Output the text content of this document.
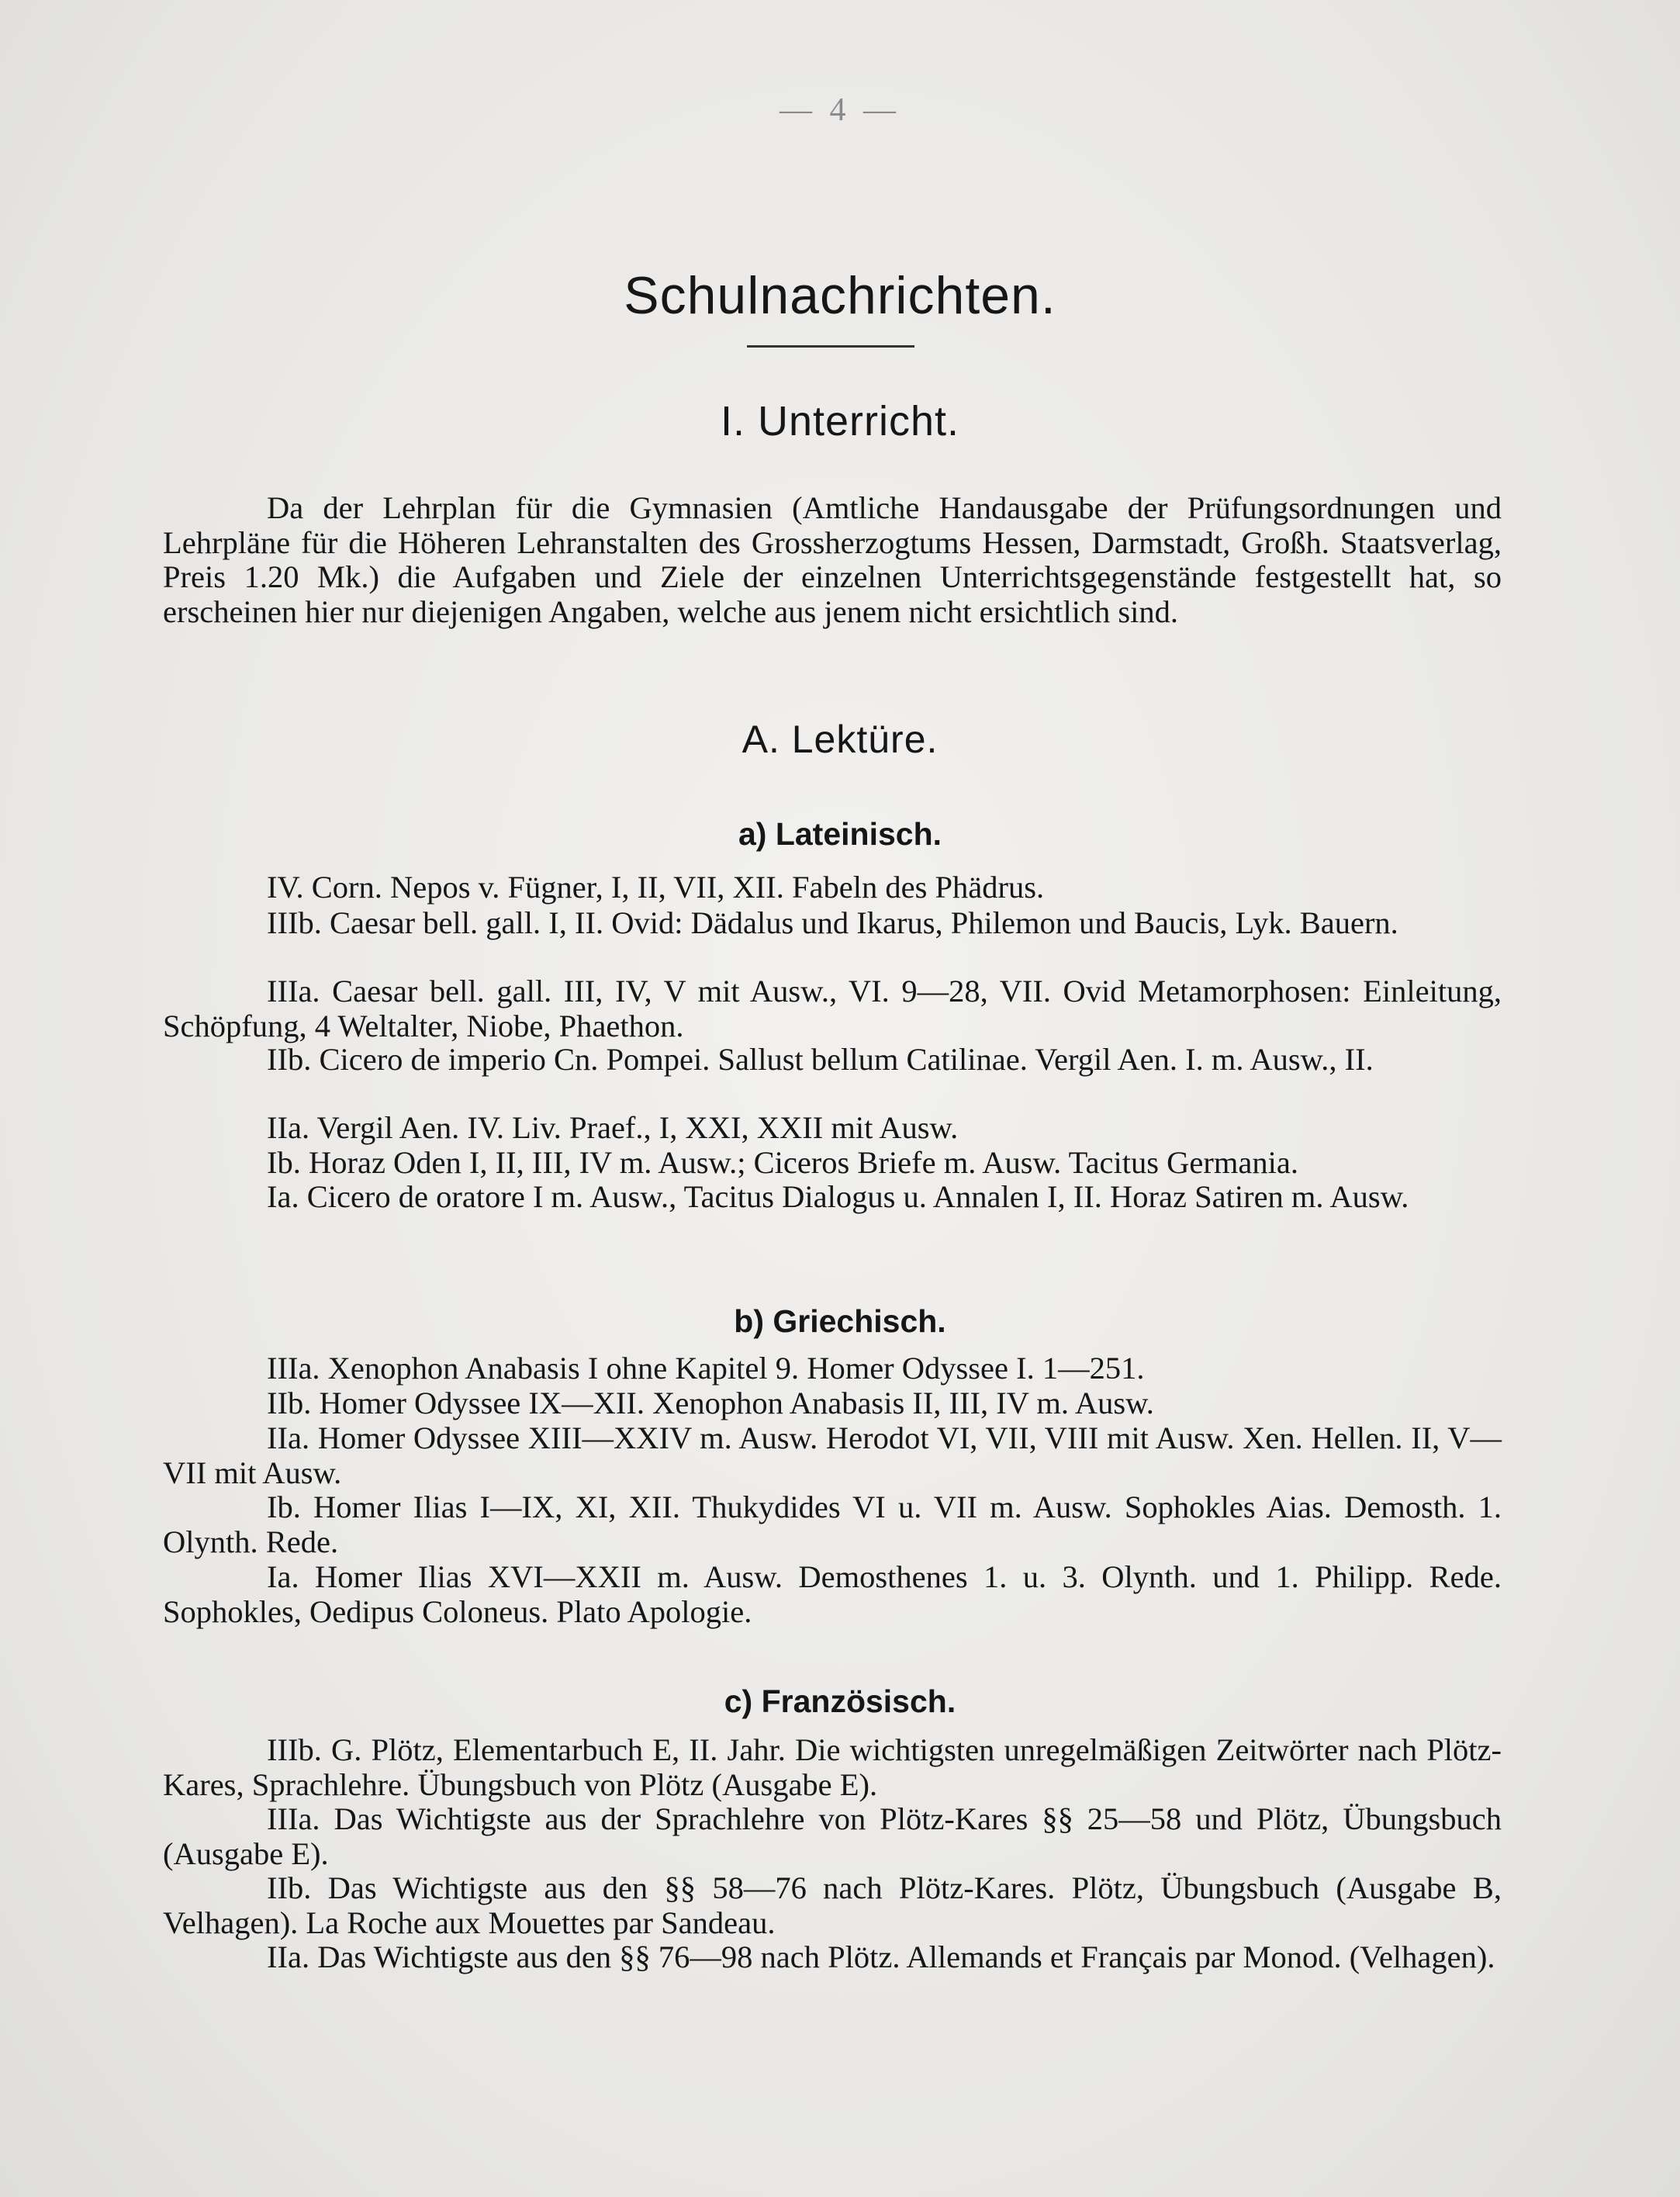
— 4 —
Schulnachrichten.
I. Unterricht.

Da der Lehrplan für die Gymnasien (Amtliche Handausgabe der Prüfungsordnungen und Lehrpläne für die Höheren Lehranstalten des Grossherzogtums Hessen, Darmstadt, Großh. Staatsverlag, Preis 1.20 Mk.) die Aufgaben und Ziele der einzelnen Unterrichtsgegenstände festgestellt hat, so erscheinen hier nur diejenigen Angaben, welche aus jenem nicht ersichtlich sind.

A. Lektüre.
a) Lateinisch.

IV. Corn. Nepos v. Fügner, I, II, VII, XII. Fabeln des Phädrus.

IIIb. Caesar bell. gall. I, II. Ovid: Dädalus und Ikarus, Philemon und Baucis, Lyk. Bauern.

IIIa. Caesar bell. gall. III, IV, V mit Ausw., VI. 9—28, VII. Ovid Metamorphosen: Einleitung, Schöpfung, 4 Weltalter, Niobe, Phaethon.

IIb. Cicero de imperio Cn. Pompei. Sallust bellum Catilinae. Vergil Aen. I. m. Ausw., II.

IIa. Vergil Aen. IV. Liv. Praef., I, XXI, XXII mit Ausw.

Ib. Horaz Oden I, II, III, IV m. Ausw.; Ciceros Briefe m. Ausw. Tacitus Germania.

Ia. Cicero de oratore I m. Ausw., Tacitus Dialogus u. Annalen I, II. Horaz Satiren m. Ausw.

b) Griechisch.

IIIa. Xenophon Anabasis I ohne Kapitel 9. Homer Odyssee I. 1—251.

IIb. Homer Odyssee IX—XII. Xenophon Anabasis II, III, IV m. Ausw.

IIa. Homer Odyssee XIII—XXIV m. Ausw. Herodot VI, VII, VIII mit Ausw. Xen. Hellen. II, V—VII mit Ausw.

Ib. Homer Ilias I—IX, XI, XII. Thukydides VI u. VII m. Ausw. Sophokles Aias. Demosth. 1. Olynth. Rede.

Ia. Homer Ilias XVI—XXII m. Ausw. Demosthenes 1. u. 3. Olynth. und 1. Philipp. Rede. Sophokles, Oedipus Coloneus. Plato Apologie.

c) Französisch.

IIIb. G. Plötz, Elementarbuch E, II. Jahr. Die wichtigsten unregelmäßigen Zeitwörter nach Plötz-Kares, Sprachlehre. Übungsbuch von Plötz (Ausgabe E).

IIIa. Das Wichtigste aus der Sprachlehre von Plötz-Kares §§ 25—58 und Plötz, Übungsbuch (Ausgabe E).

IIb. Das Wichtigste aus den §§ 58—76 nach Plötz-Kares. Plötz, Übungsbuch (Ausgabe B, Velhagen). La Roche aux Mouettes par Sandeau.

IIa. Das Wichtigste aus den §§ 76—98 nach Plötz. Allemands et Français par Monod. (Velhagen).
